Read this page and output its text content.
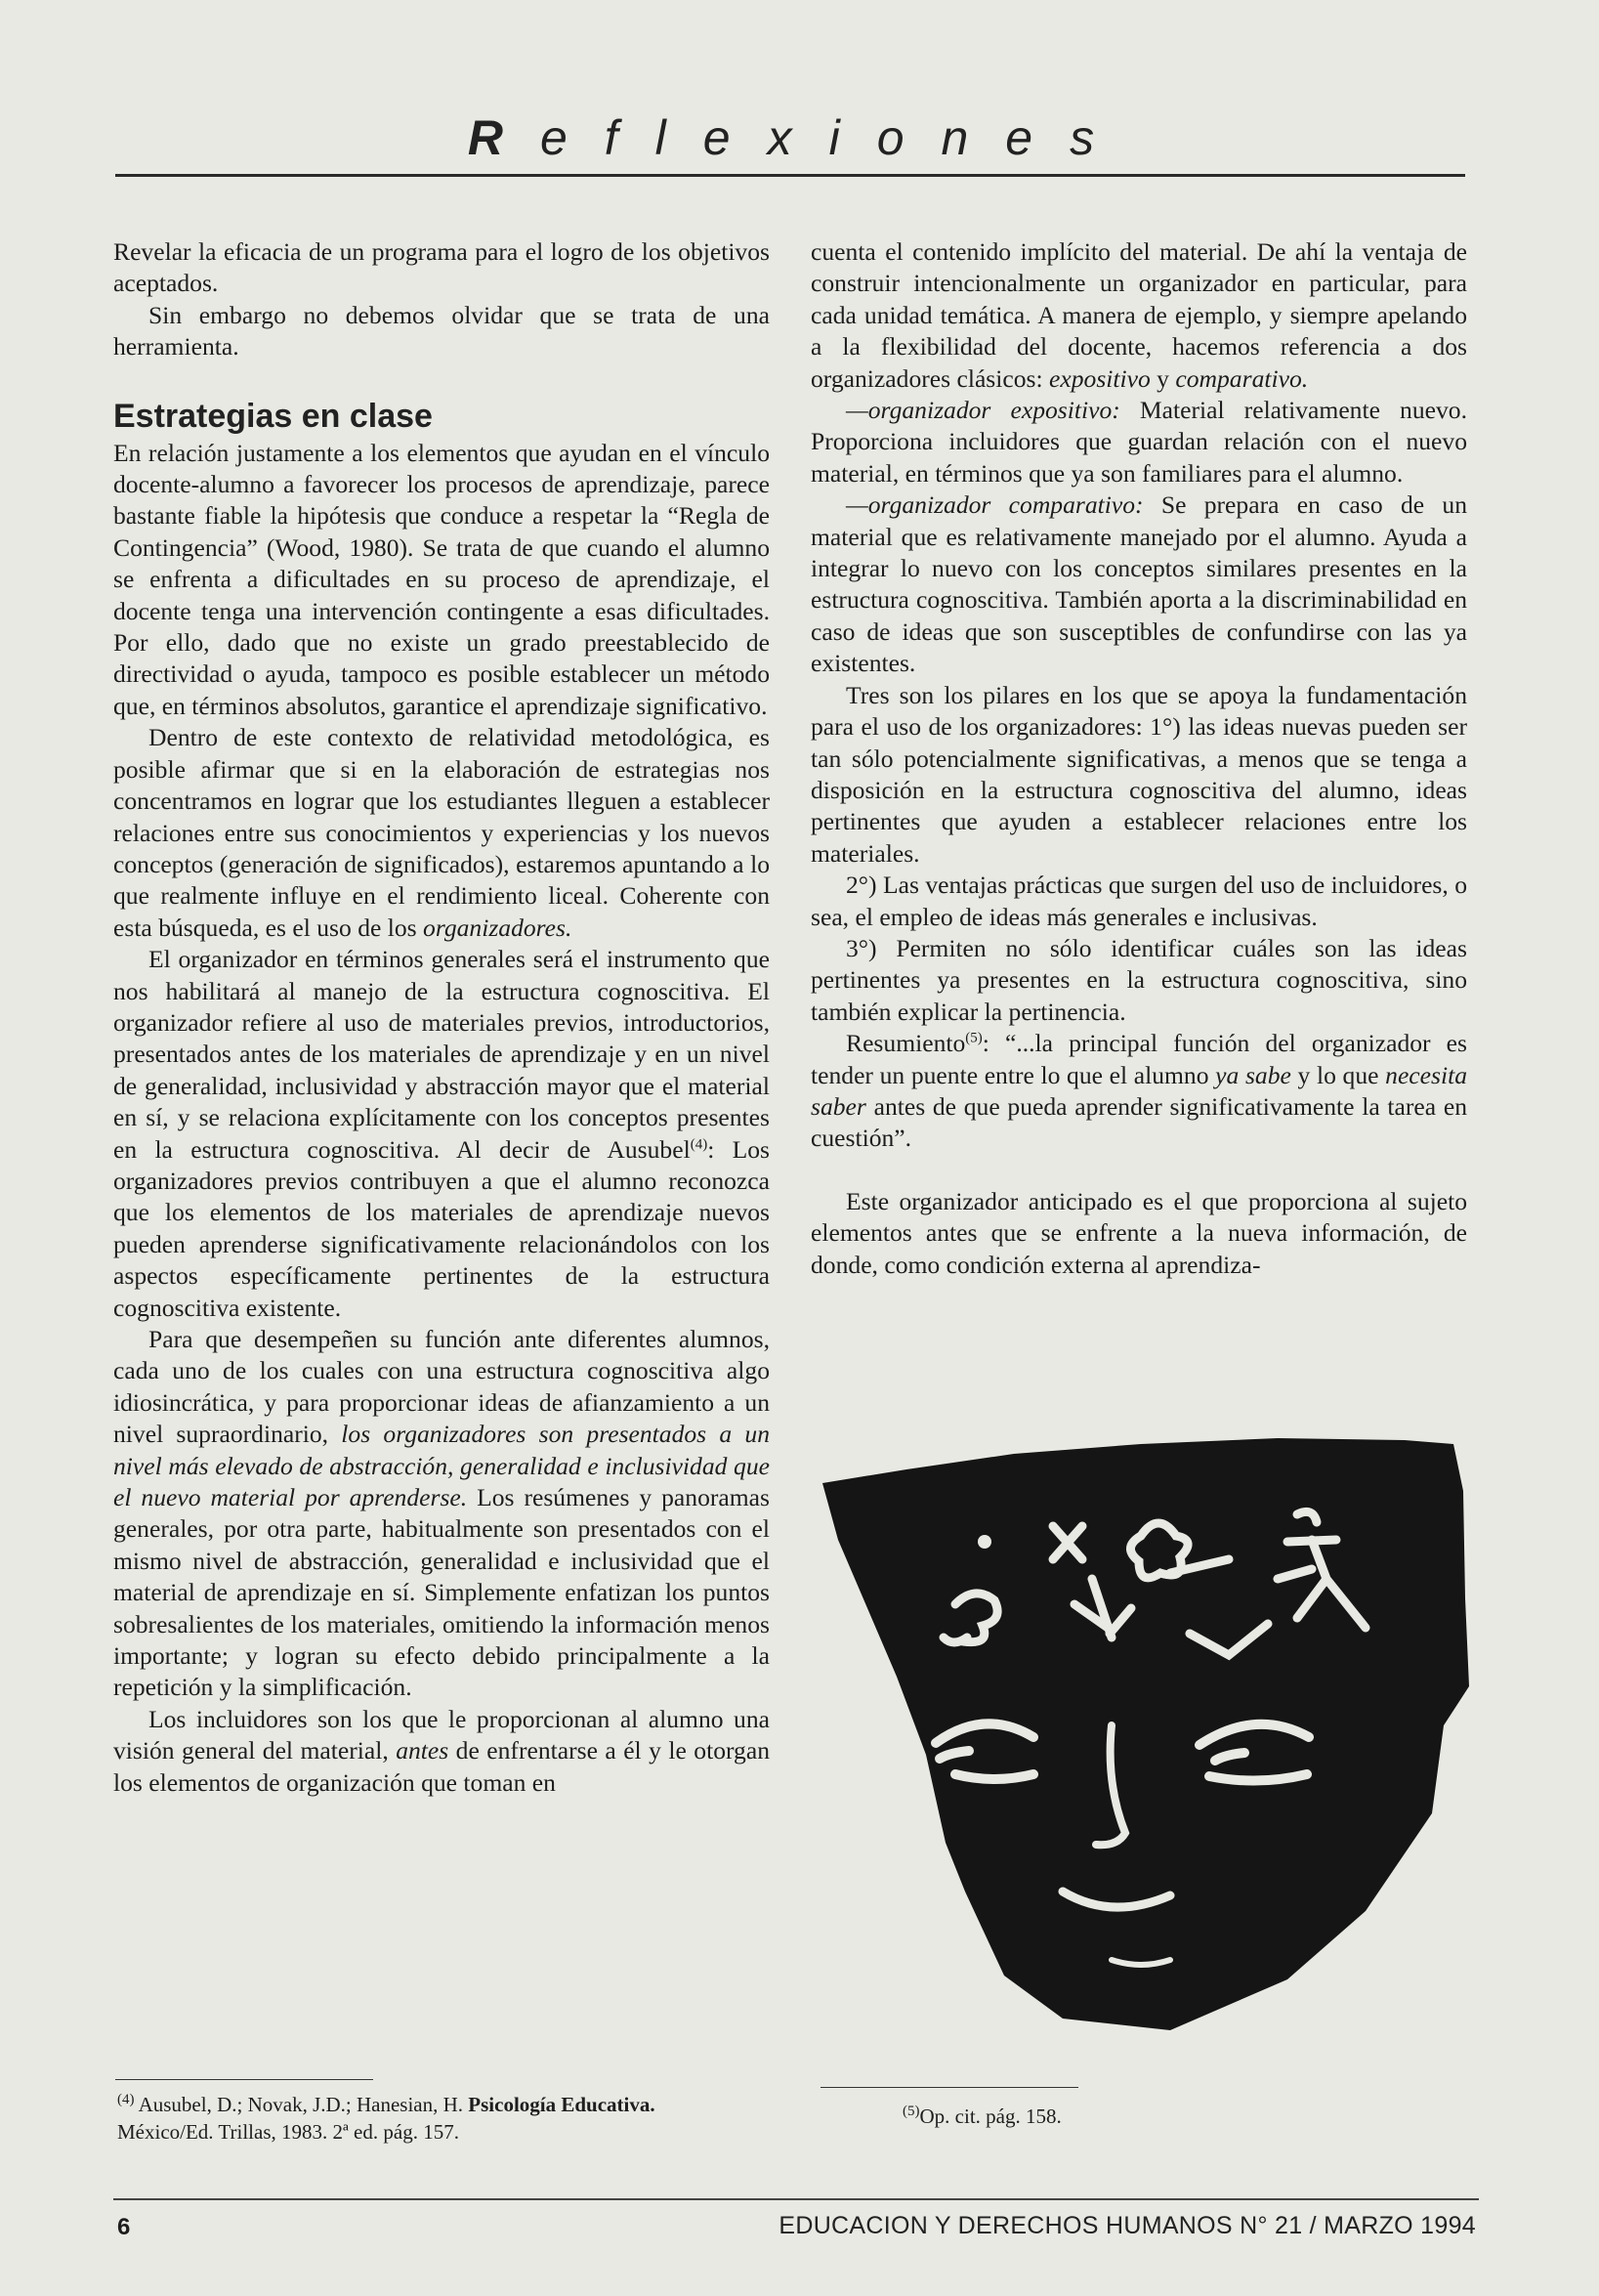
Reflexiones

Revelar la eficacia de un programa para el logro de los objetivos aceptados.

Sin embargo no debemos olvidar que se trata de una herramienta.

Estrategias en clase

En relación justamente a los elementos que ayudan en el vínculo docente-alumno a favorecer los procesos de aprendizaje, parece bastante fiable la hipótesis que conduce a respetar la “Regla de Contingencia” (Wood, 1980). Se trata de que cuando el alumno se enfrenta a dificultades en su proceso de aprendizaje, el docente tenga una intervención contingente a esas dificultades. Por ello, dado que no existe un grado preestablecido de directividad o ayuda, tampoco es posible establecer un método que, en términos absolutos, garantice el aprendizaje significativo.

Dentro de este contexto de relatividad metodológica, es posible afirmar que si en la elaboración de estrategias nos concentramos en lograr que los estudiantes lleguen a establecer relaciones entre sus conocimientos y experiencias y los nuevos conceptos (generación de significados), estaremos apuntando a lo que realmente influye en el rendimiento liceal. Coherente con esta búsqueda, es el uso de los organizadores.

El organizador en términos generales será el instrumento que nos habilitará al manejo de la estructura cognoscitiva. El organizador refiere al uso de materiales previos, introductorios, presentados antes de los materiales de aprendizaje y en un nivel de generalidad, inclusividad y abstracción mayor que el material en sí, y se relaciona explícitamente con los conceptos presentes en la estructura cognoscitiva. Al decir de Ausubel$^{(4)}$: Los organizadores previos contribuyen a que el alumno reconozca que los elementos de los materiales de aprendizaje nuevos pueden aprenderse significativamente relacionándolos con los aspectos específicamente pertinentes de la estructura cognoscitiva existente.

Para que desempeñen su función ante diferentes alumnos, cada uno de los cuales con una estructura cognoscitiva algo idiosincrática, y para proporcionar ideas de afianzamiento a un nivel supraordinario, los organizadores son presentados a un nivel más elevado de abstracción, generalidad e inclusividad que el nuevo material por aprenderse. Los resúmenes y panoramas generales, por otra parte, habitualmente son presentados con el mismo nivel de abstracción, generalidad e inclusividad que el material de aprendizaje en sí. Simplemente enfatizan los puntos sobresalientes de los materiales, omitiendo la información menos importante; y logran su efecto debido principalmente a la repetición y la simplificación.

Los incluidores son los que le proporcionan al alumno una visión general del material, antes de enfrentarse a él y le otorgan los elementos de organización que toman en

cuenta el contenido implícito del material. De ahí la ventaja de construir intencionalmente un organizador en particular, para cada unidad temática. A manera de ejemplo, y siempre apelando a la flexibilidad del docente, hacemos referencia a dos organizadores clásicos: expositivo y comparativo.

—organizador expositivo: Material relativamente nuevo. Proporciona incluidores que guardan relación con el nuevo material, en términos que ya son familiares para el alumno.

—organizador comparativo: Se prepara en caso de un material que es relativamente manejado por el alumno. Ayuda a integrar lo nuevo con los conceptos similares presentes en la estructura cognoscitiva. También aporta a la discriminabilidad en caso de ideas que son susceptibles de confundirse con las ya existentes.

Tres son los pilares en los que se apoya la fundamentación para el uso de los organizadores: 1°) las ideas nuevas pueden ser tan sólo potencialmente significativas, a menos que se tenga a disposición en la estructura cognoscitiva del alumno, ideas pertinentes que ayuden a establecer relaciones entre los materiales.

2°) Las ventajas prácticas que surgen del uso de incluidores, o sea, el empleo de ideas más generales e inclusivas.

3°) Permiten no sólo identificar cuáles son las ideas pertinentes ya presentes en la estructura cognoscitiva, sino también explicar la pertinencia.

Resumiento$^{(5)}$: “...la principal función del organizador es tender un puente entre lo que el alumno ya sabe y lo que necesita saber antes de que pueda aprender significativamente la tarea en cuestión”.

Este organizador anticipado es el que proporciona al sujeto elementos antes que se enfrente a la nueva información, de donde, como condición externa al aprendiza-

$^{(4)}$ Ausubel, D.; Novak, J.D.; Hanesian, H. Psicología Educativa. México/Ed. Trillas, 1983. 2ª ed. pág. 157.
$^{(5)}$Op. cit. pág. 158.
6	EDUCACION Y DERECHOS HUMANOS N° 21 / MARZO 1994
